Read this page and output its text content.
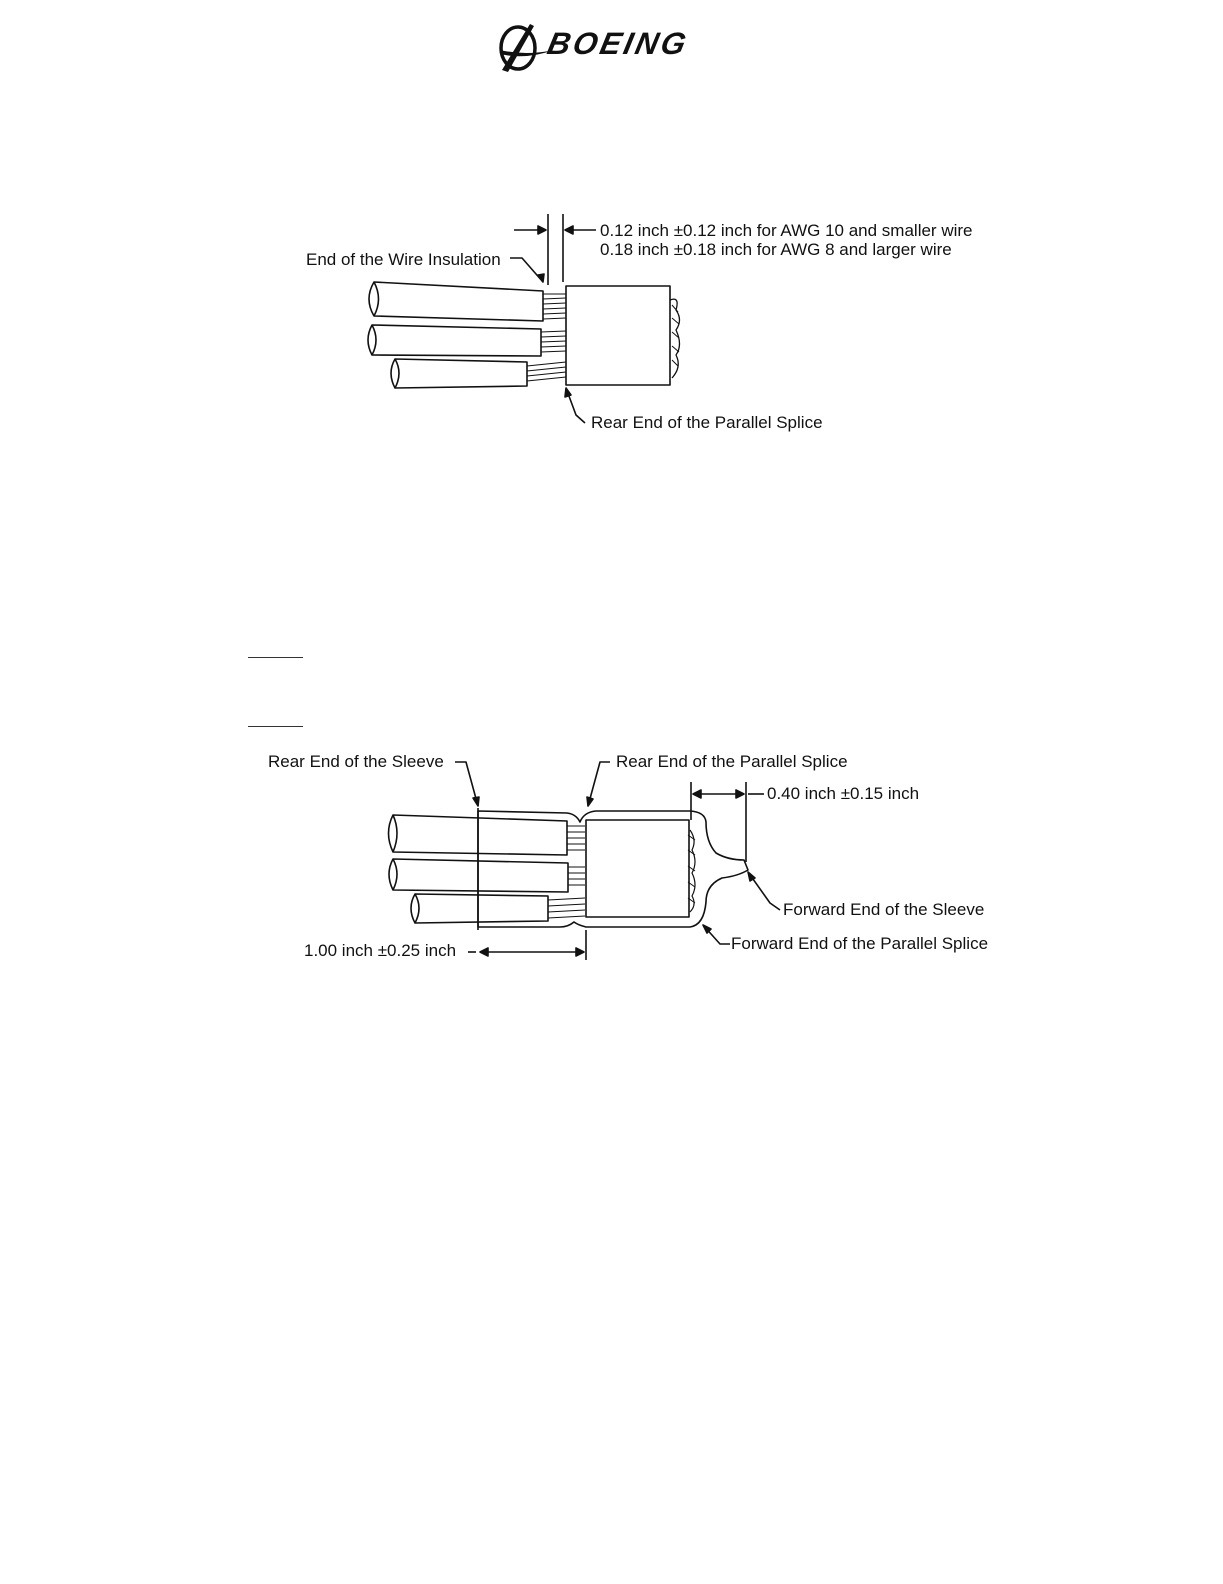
BOEING
0.12 inch ±0.12 inch for AWG 10 and smaller wire
0.18 inch ±0.18 inch for AWG 8 and larger wire
End of the Wire Insulation
Rear End of the Parallel Splice
Rear End of the Sleeve	Rear End of the Parallel Splice
0.40 inch ±0.15 inch
Forward End of the Sleeve
Forward End of the Parallel Splice
1.00 inch ±0.25 inch
